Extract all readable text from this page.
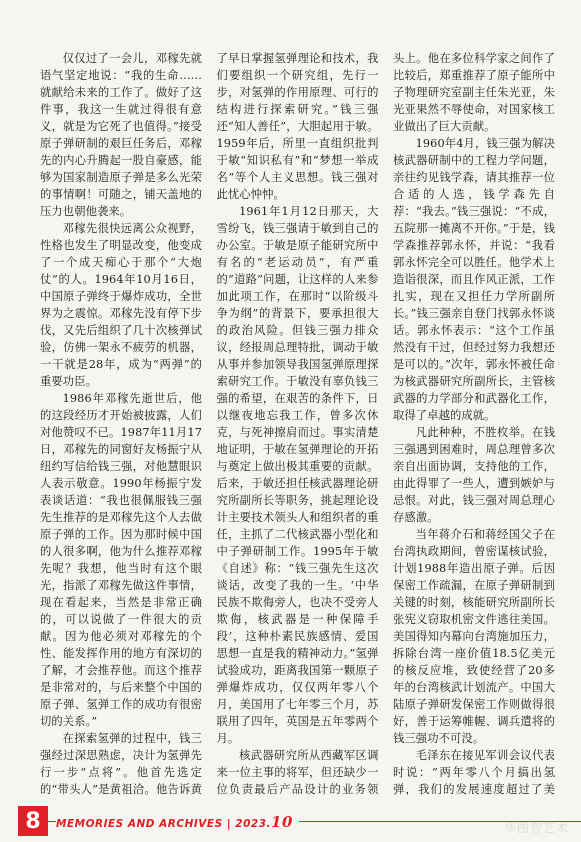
仅仅过了一会儿，邓稼先就语气坚定地说：“我的生命……就献给未来的工作了。做好了这件事，我这一生就过得很有意义，就是为它死了也值得。”接受原子弹研制的艰巨任务后，邓稼先的内心升腾起一股自豪感，能够为国家制造原子弹是多么光荣的事情啊！可随之，铺天盖地的压力也朝他袭来。

邓稼先很快远离公众视野，性格也发生了明显改变，他变成了一个成天痴心于那个“大炮仗”的人。1964年10月16日，中国原子弹终于爆炸成功，全世界为之震惊。邓稼先没有停下步伐，又先后组织了几十次核弹试验，仿佛一架永不疲劳的机器，一干就是28年，成为“两弹”的重要功臣。

1986年邓稼先逝世后，他的这段经历才开始被披露，人们对他赞叹不已。1987年11月17日，邓稼先的同窗好友杨振宁从纽约写信给钱三强，对他慧眼识人表示敬意。1990年杨振宁发表谈话道：“我也很佩服钱三强先生推荐的是邓稼先这个人去做原子弹的工作。因为那时候中国的人很多啊，他为什么推荐邓稼先呢？我想，他当时有这个眼光，指派了邓稼先做这件事情，现在看起来，当然是非常正确的，可以说做了一件很大的贡献。因为他必须对邓稼先的个性、能发挥作用的地方有深切的了解，才会推荐他。而这个推荐是非常对的，与后来整个中国的原子弹、氢弹工作的成功有很密切的关系。”

在探索氢弹的过程中，钱三强经过深思熟虑，决计为氢弹先行一步“点将”。他首先选定的“带头人”是黄祖洽。他告诉黄

了早日掌握氢弹理论和技术，我们要组织一个研究组，先行一步，对氢弹的作用原理、可行的结构进行探索研究。”钱三强还“知人善任”，大胆起用于敏。1959年后，所里一直组织批判于敏“知识私有”和“梦想一举成名”等个人主义思想。钱三强对此忧心忡忡。

1961年1月12日那天，大雪纷飞，钱三强请于敏到自己的办公室。于敏是原子能研究所中有名的“老运动员”，有严重的“道路”问题，让这样的人来参加此项工作，在那时“以阶级斗争为纲”的背景下，要承担很大的政治风险。但钱三强力排众议，经报周总理特批，调动于敏从事并参加领导我国氢弹原理探索研究工作。于敏没有辜负钱三强的希望，在艰苦的条件下，日以继夜地忘我工作，曾多次休克，与死神擦肩而过。事实清楚地证明，于敏在氢弹理论的开拓与奠定上做出极其重要的贡献。后来，于敏还担任核武器理论研究所副所长等职务，挑起理论设计主要技术领头人和组织者的重任，主抓了二代核武器小型化和中子弹研制工作。1995年于敏《自述》称：“钱三强先生这次谈话，改变了我的一生。‘中华民族不欺侮旁人，也决不受旁人欺侮，核武器是一种保障手段’，这种朴素民族感情、爱国思想一直是我的精神动力。”氢弹试验成功，距离我国第一颗原子弹爆炸成功，仅仅两年零八个月，美国用了七年零三个月，苏联用了四年，英国是五年零两个月。

核武器研究所从西藏军区调来一位主事的将军，但还缺少一位负责最后产品设计的业务领

头上。他在多位科学家之间作了比较后，郑重推荐了原子能所中子物理研究室副主任朱光亚，朱光亚果然不辱使命，对国家核工业做出了巨大贡献。

1960年4月，钱三强为解决核武器研制中的工程力学问题，亲往约见钱学森，请其推荐一位合适的人选，钱学森先自荐：“我去。”钱三强说：“不成，五院那一摊离不开你。”于是，钱学森推荐郭永怀，并说：“我看郭永怀完全可以胜任。他学术上造诣很深，而且作风正派，工作扎实，现在又担任力学所副所长。”钱三强亲自登门找郭永怀谈话。郭永怀表示：“这个工作虽然没有干过，但经过努力我想还是可以的。”次年，郭永怀被任命为核武器研究所副所长，主管核武器的力学部分和武器化工作，取得了卓越的成就。

凡此种种，不胜枚举。在钱三强遇到困难时，周总理曾多次亲自出面协调，支持他的工作，由此得罪了一些人，遭到嫉妒与忌恨。对此，钱三强对周总理心存感激。

当年蒋介石和蒋经国父子在台湾执政期间，曾密谋核试验，计划1988年造出原子弹。后因保密工作疏漏，在原子弹研制到关键的时刻，核能研究所副所长张宪义窃取机密文件逃往美国。美国得知内幕向台湾施加压力，拆除台湾一座价值18.5亿美元的核反应堆，致使经营了20多年的台湾核武计划流产。中国大陆原子弹研发保密工作则做得很好，善于运筹帷幄、调兵遣将的钱三强功不可没。

毛泽东在接见军训会议代表时说：“两年零八个月搞出氢弹，我们的发展速度超过了美

8	MEMORIES AND ARCHIVES | 2023.10	华图智艺术
